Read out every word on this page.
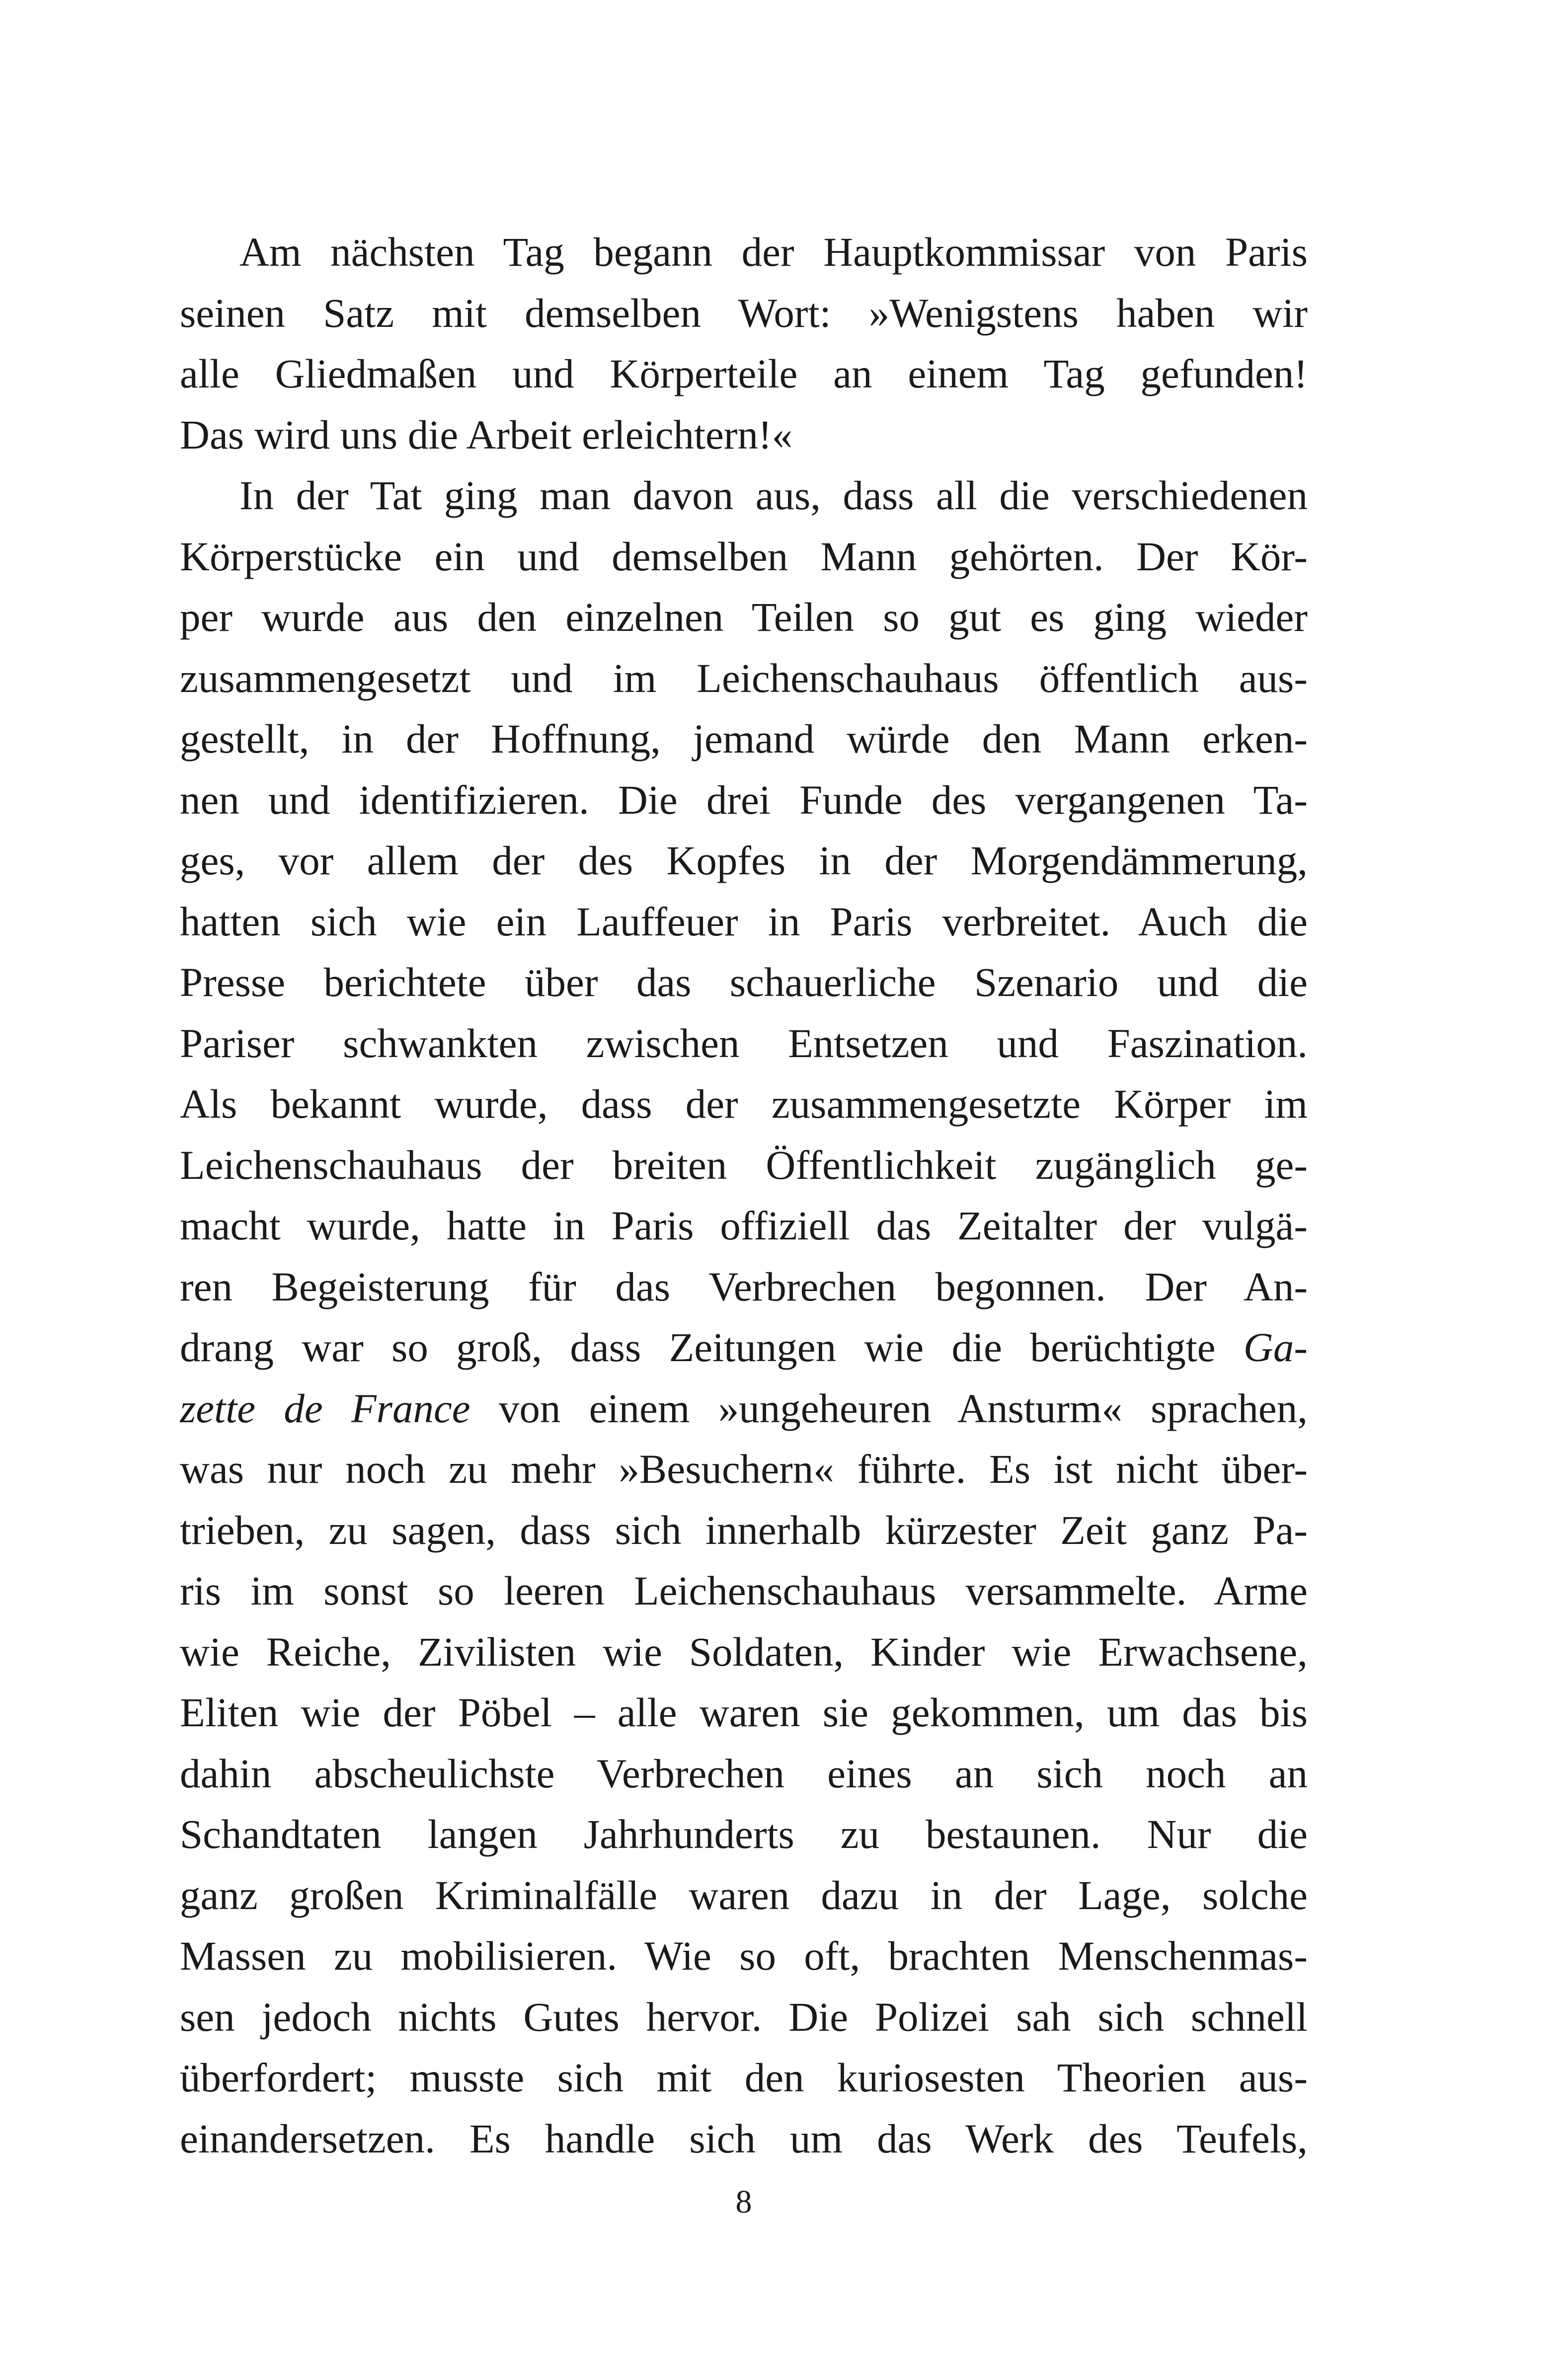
Am nächsten Tag begann der Hauptkommissar von Paris
seinen Satz mit demselben Wort: »Wenigstens haben wir
alle Gliedmaßen und Körperteile an einem Tag gefunden!
Das wird uns die Arbeit erleichtern!«
In der Tat ging man davon aus, dass all die verschiedenen
Körperstücke ein und demselben Mann gehörten. Der Kör-
per wurde aus den einzelnen Teilen so gut es ging wieder
zusammengesetzt und im Leichenschauhaus öffentlich aus-
gestellt, in der Hoffnung, jemand würde den Mann erken-
nen und identifizieren. Die drei Funde des vergangenen Ta-
ges, vor allem der des Kopfes in der Morgendämmerung,
hatten sich wie ein Lauffeuer in Paris verbreitet. Auch die
Presse berichtete über das schauerliche Szenario und die
Pariser schwankten zwischen Entsetzen und Faszination.
Als bekannt wurde, dass der zusammengesetzte Körper im
Leichenschauhaus der breiten Öffentlichkeit zugänglich ge-
macht wurde, hatte in Paris offiziell das Zeitalter der vulgä-
ren Begeisterung für das Verbrechen begonnen. Der An-
drang war so groß, dass Zeitungen wie die berüchtigte Ga-
zette de France von einem »ungeheuren Ansturm« sprachen,
was nur noch zu mehr »Besuchern« führte. Es ist nicht über-
trieben, zu sagen, dass sich innerhalb kürzester Zeit ganz Pa-
ris im sonst so leeren Leichenschauhaus versammelte. Arme
wie Reiche, Zivilisten wie Soldaten, Kinder wie Erwachsene,
Eliten wie der Pöbel – alle waren sie gekommen, um das bis
dahin abscheulichste Verbrechen eines an sich noch an
Schandtaten langen Jahrhunderts zu bestaunen. Nur die
ganz großen Kriminalfälle waren dazu in der Lage, solche
Massen zu mobilisieren. Wie so oft, brachten Menschenmas-
sen jedoch nichts Gutes hervor. Die Polizei sah sich schnell
überfordert; musste sich mit den kuriosesten Theorien aus-
einandersetzen. Es handle sich um das Werk des Teufels,
8
